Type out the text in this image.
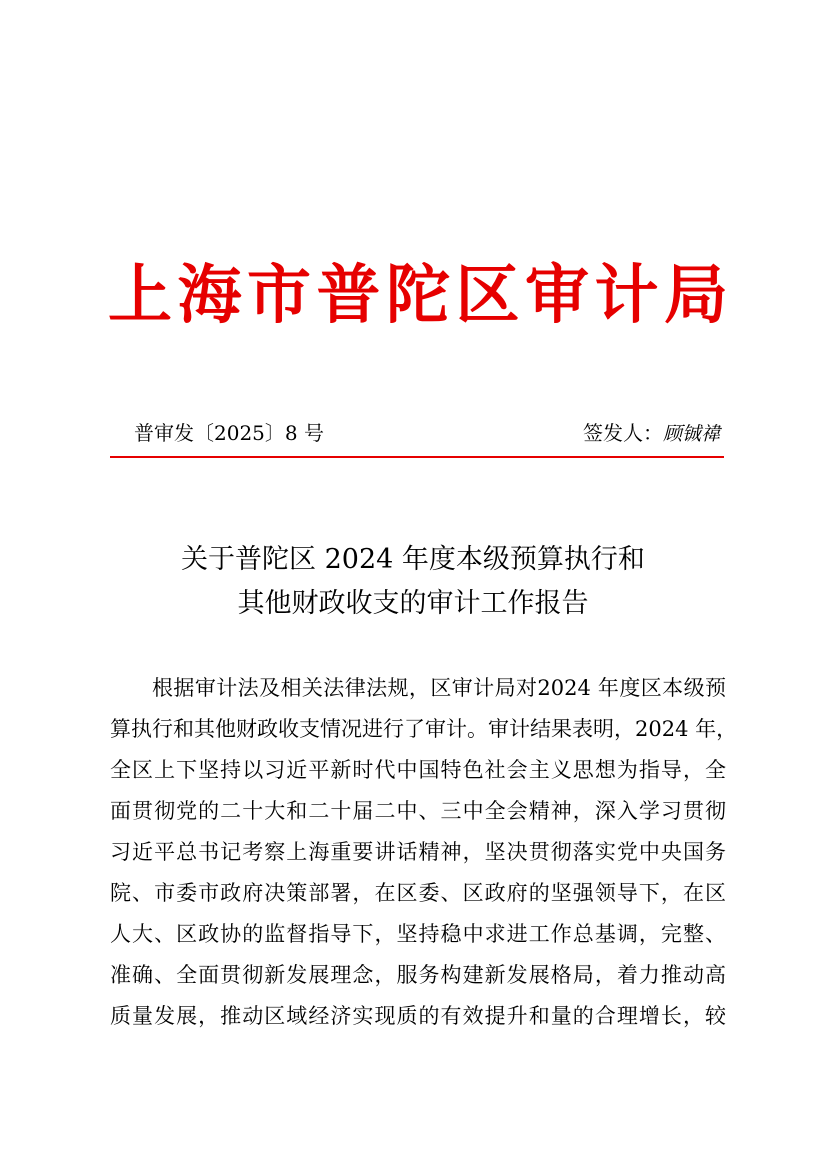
上海市普陀区审计局
普审发〔2025〕8 号	签发人：顾铖禕
关于普陀区 2024 年度本级预算执行和
其他财政收支的审计工作报告
根据审计法及相关法律法规，区审计局对2024 年度区本级预
算执行和其他财政收支情况进行了审计。审计结果表明，2024 年，
全区上下坚持以习近平新时代中国特色社会主义思想为指导，全
面贯彻党的二十大和二十届二中、三中全会精神，深入学习贯彻
习近平总书记考察上海重要讲话精神，坚决贯彻落实党中央国务
院、市委市政府决策部署，在区委、区政府的坚强领导下，在区
人大、区政协的监督指导下，坚持稳中求进工作总基调，完整、
准确、全面贯彻新发展理念，服务构建新发展格局，着力推动高
质量发展，推动区域经济实现质的有效提升和量的合理增长，较
